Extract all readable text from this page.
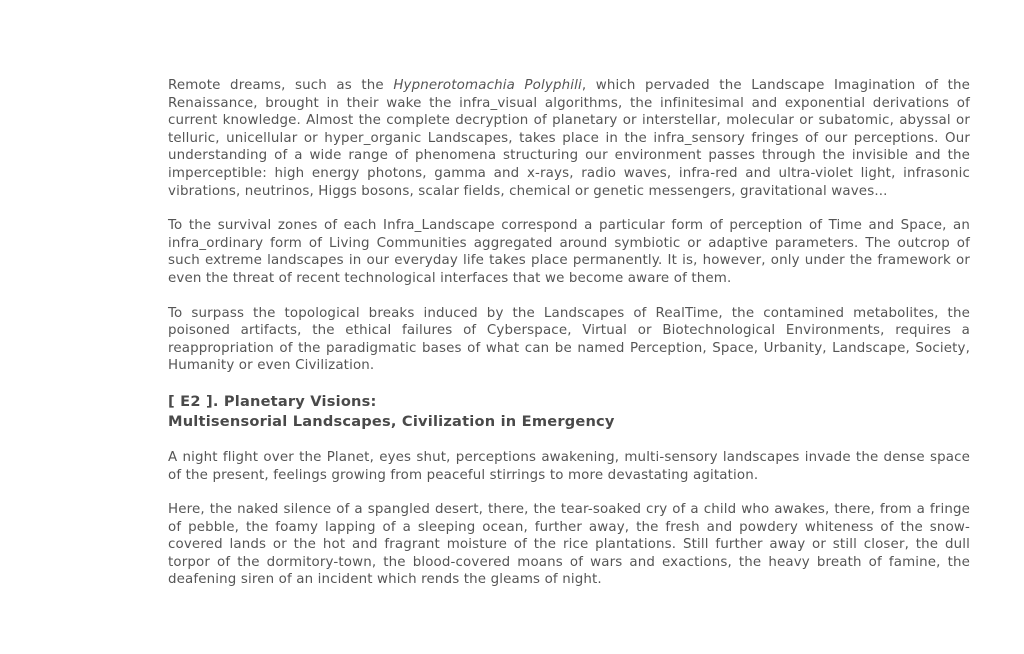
Remote dreams, such as the Hypnerotomachia Polyphili, which pervaded the Landscape Imagination of the Renaissance, brought in their wake the infra_visual algorithms, the infinitesimal and exponential derivations of current knowledge. Almost the complete decryption of planetary or interstellar, molecular or subatomic, abyssal or telluric, unicellular or hyper_organic Landscapes, takes place in the infra_sensory fringes of our perceptions. Our understanding of a wide range of phenomena structuring our environment passes through the invisible and the imperceptible: high energy photons, gamma and x-rays, radio waves, infra-red and ultra-violet light, infrasonic vibrations, neutrinos, Higgs bosons, scalar fields, chemical or genetic messengers, gravitational waves...

To the survival zones of each Infra_Landscape correspond a particular form of perception of Time and Space, an infra_ordinary form of Living Communities aggregated around symbiotic or adaptive parameters. The outcrop of such extreme landscapes in our everyday life takes place permanently. It is, however, only under the framework or even the threat of recent technological interfaces that we become aware of them.

To surpass the topological breaks induced by the Landscapes of RealTime, the contamined metabolites, the poisoned artifacts, the ethical failures of Cyberspace, Virtual or Biotechnological Environments, requires a reappropriation of the paradigmatic bases of what can be named Perception, Space, Urbanity, Landscape, Society, Humanity or even Civilization.

[ E2 ]. Planetary Visions:
Multisensorial Landscapes, Civilization in Emergency

A night flight over the Planet, eyes shut, perceptions awakening, multi-sensory landscapes invade the dense space of the present, feelings growing from peaceful stirrings to more devastating agitation.

Here, the naked silence of a spangled desert, there, the tear-soaked cry of a child who awakes, there, from a fringe of pebble, the foamy lapping of a sleeping ocean, further away, the fresh and powdery whiteness of the snow-covered lands or the hot and fragrant moisture of the rice plantations. Still further away or still closer, the dull torpor of the dormitory-town, the blood-covered moans of wars and exactions, the heavy breath of famine, the deafening siren of an incident which rends the gleams of night.
